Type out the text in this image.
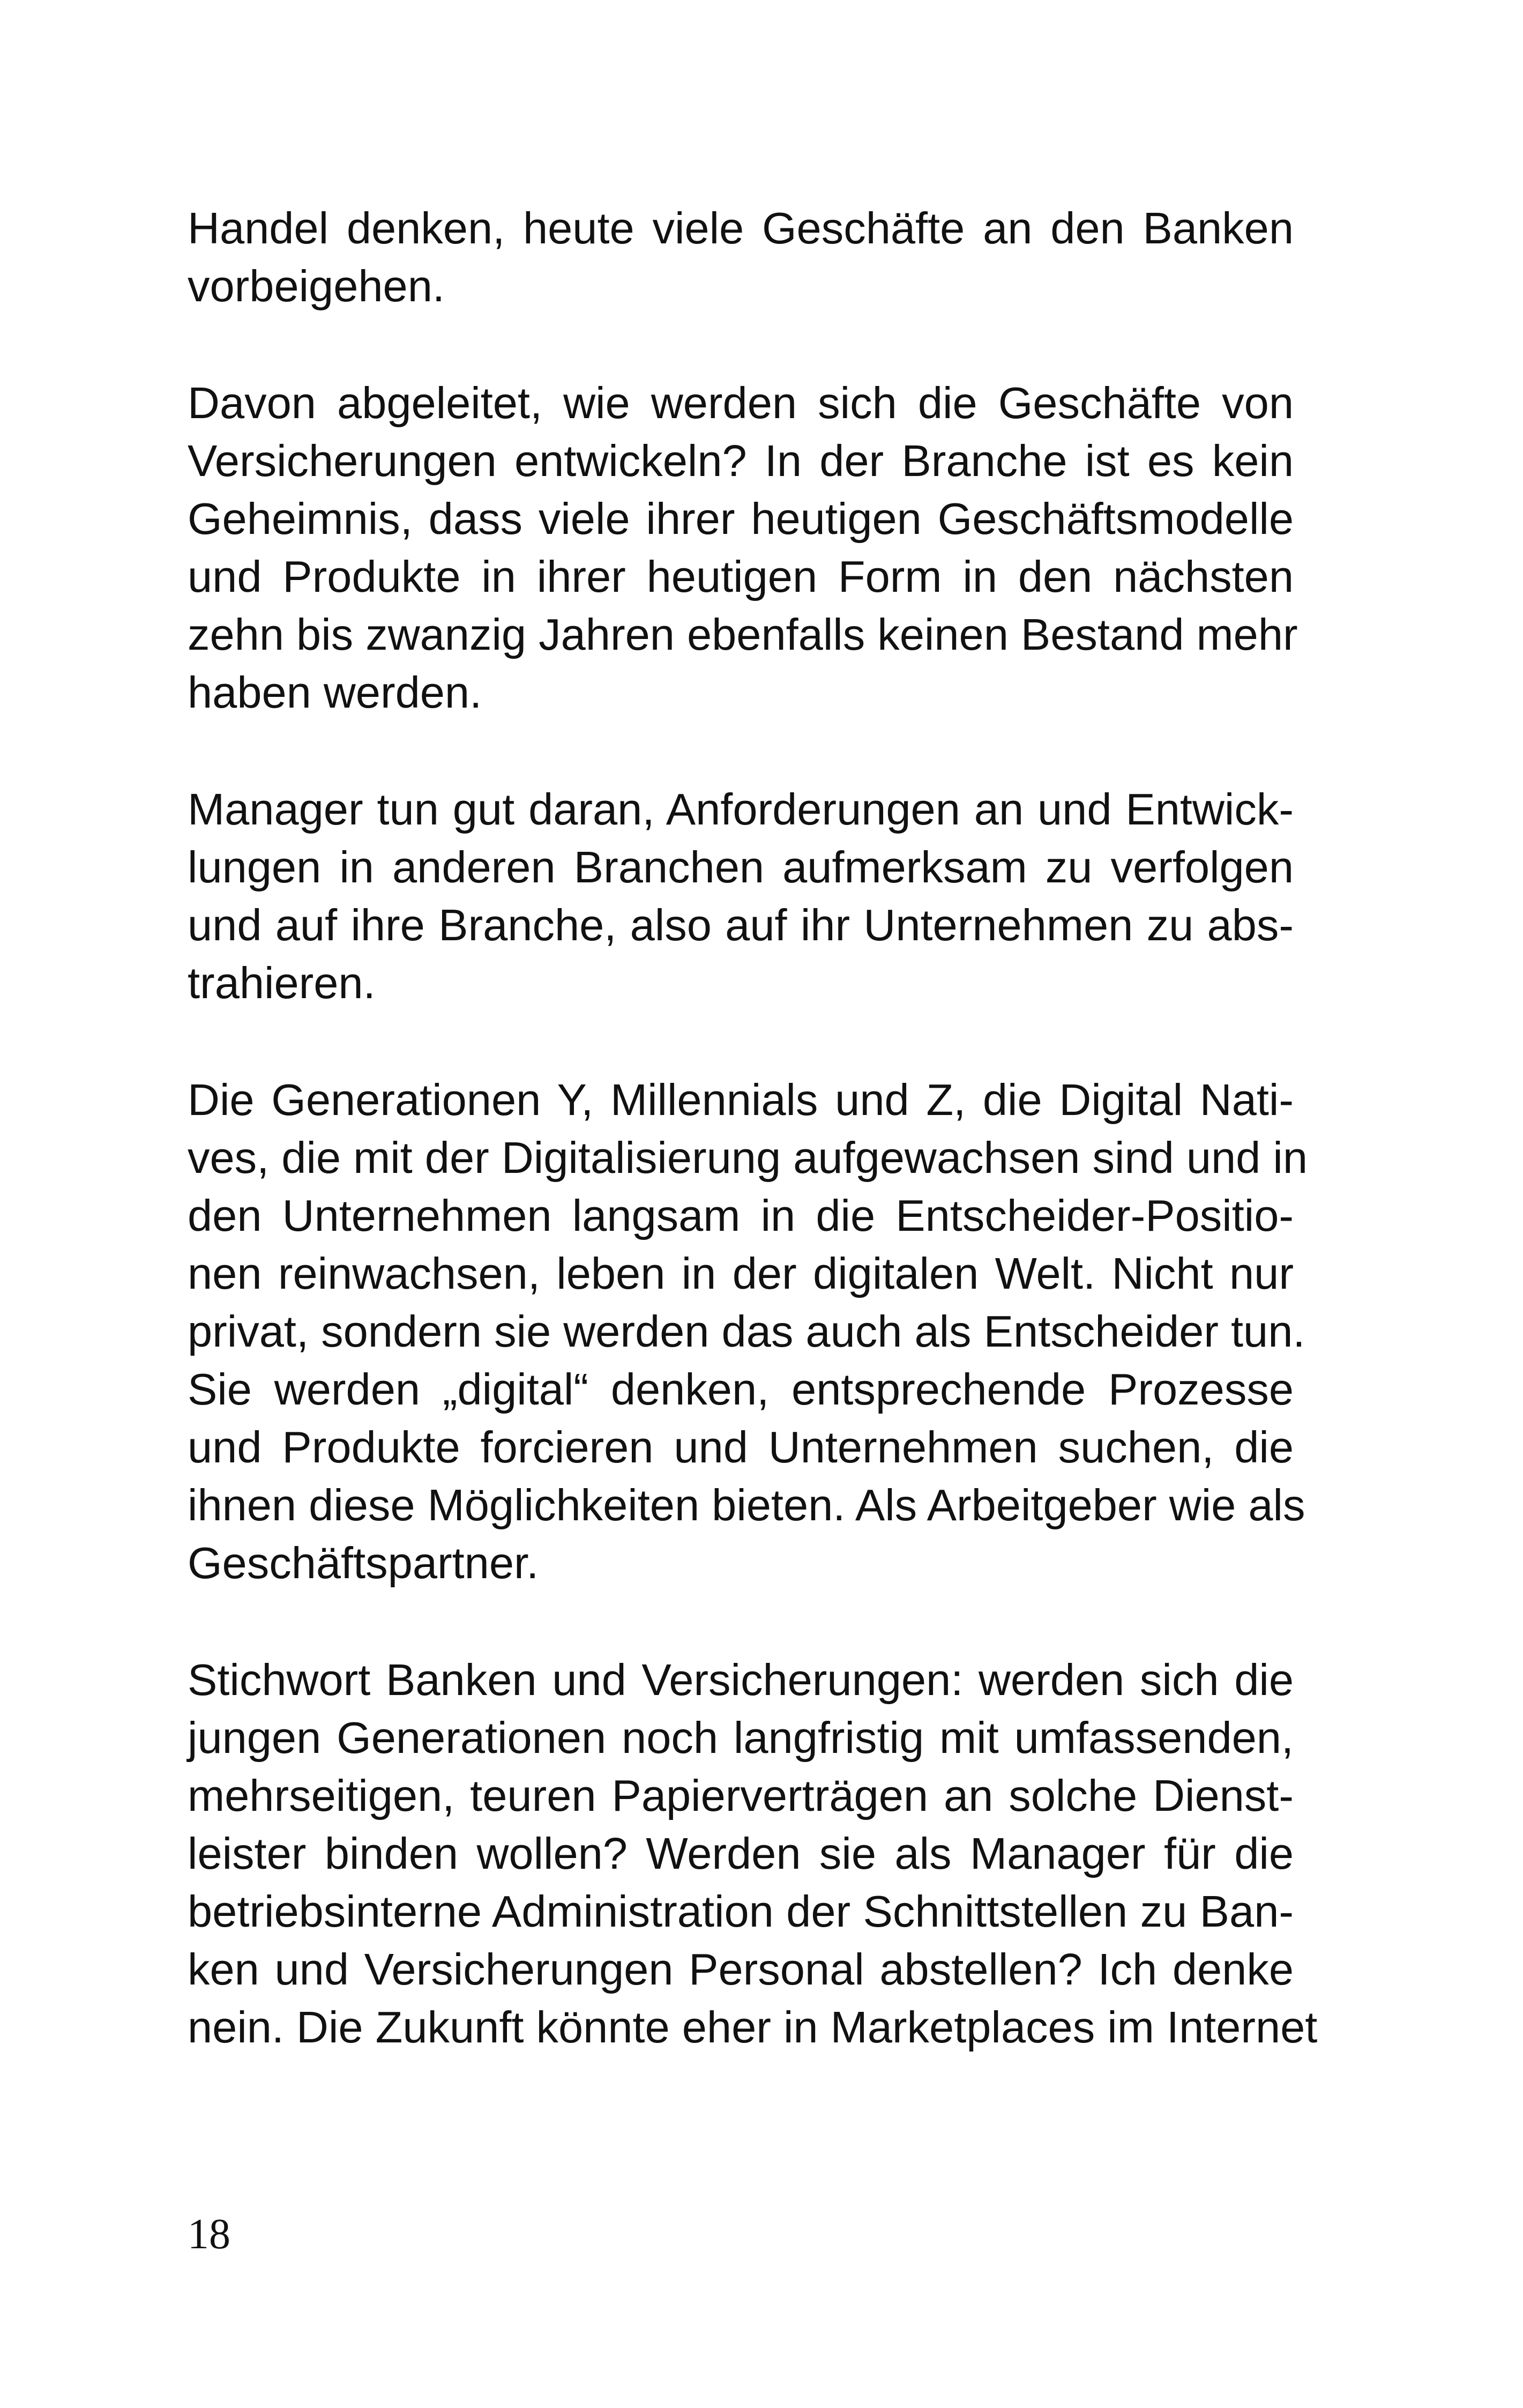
Handel denken, heute viele Geschäfte an den Banken
vorbeigehen.
Davon abgeleitet, wie werden sich die Geschäfte von
Versicherungen entwickeln? In der Branche ist es kein
Geheimnis, dass viele ihrer heutigen Geschäftsmodelle
und Produkte in ihrer heutigen Form in den nächsten
zehn bis zwanzig Jahren ebenfalls keinen Bestand mehr
haben werden.
Manager tun gut daran, Anforderungen an und Entwick-
lungen in anderen Branchen aufmerksam zu verfolgen
und auf ihre Branche, also auf ihr Unternehmen zu abs-
trahieren.
Die Generationen Y, Millennials und Z, die Digital Nati-
ves, die mit der Digitalisierung aufgewachsen sind und in
den Unternehmen langsam in die Entscheider-Positio-
nen reinwachsen, leben in der digitalen Welt. Nicht nur
privat, sondern sie werden das auch als Entscheider tun.
Sie werden „digital“ denken, entsprechende Prozesse
und Produkte forcieren und Unternehmen suchen, die
ihnen diese Möglichkeiten bieten. Als Arbeitgeber wie als
Geschäftspartner.
Stichwort Banken und Versicherungen: werden sich die
jungen Generationen noch langfristig mit umfassenden,
mehrseitigen, teuren Papierverträgen an solche Dienst-
leister binden wollen? Werden sie als Manager für die
betriebsinterne Administration der Schnittstellen zu Ban-
ken und Versicherungen Personal abstellen? Ich denke
nein. Die Zukunft könnte eher in Marketplaces im Internet
18
